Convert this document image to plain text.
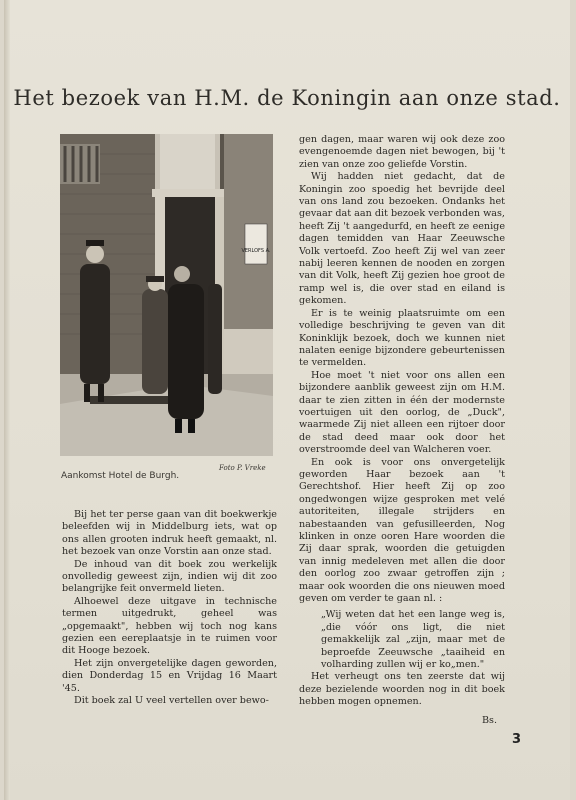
Het bezoek van H.M. de Koningin aan onze stad.
VERLOFS A.
Foto P. Vreke
Aankomst Hotel de Burgh.

Bij het ter perse gaan van dit boekwerkje beleefden wij in Middelburg iets, wat op ons allen grooten indruk heeft gemaakt, nl. het bezoek van onze Vorstin aan onze stad.

De inhoud van dit boek zou werkelijk onvolledig geweest zijn, indien wij dit zoo belangrijke feit onvermeld lieten.

Alhoewel deze uitgave in technische termen uitgedrukt, geheel was „opgemaakt", hebben wij toch nog kans gezien een eereplaatsje in te ruimen voor dit Hooge bezoek.

Het zijn onvergetelijke dagen geworden, dien Donderdag 15 en Vrijdag 16 Maart '45.

Dit boek zal U veel vertellen over bewo-

gen dagen, maar waren wij ook deze zoo evengenoemde dagen niet bewogen, bij 't zien van onze zoo geliefde Vorstin.

Wij hadden niet gedacht, dat de Koningin zoo spoedig het bevrijde deel van ons land zou bezoeken. Ondanks het gevaar dat aan dit bezoek verbonden was, heeft Zij 't aangedurfd, en heeft ze eenige dagen temidden van Haar Zeeuwsche Volk vertoefd. Zoo heeft Zij wel van zeer nabij leeren kennen de nooden en zorgen van dit Volk, heeft Zij gezien hoe groot de ramp wel is, die over stad en eiland is gekomen.

Er is te weinig plaatsruimte om een volledige beschrijving te geven van dit Koninklijk bezoek, doch we kunnen niet nalaten eenige bijzondere gebeurtenissen te vermelden.

Hoe moet 't niet voor ons allen een bijzondere aanblik geweest zijn om H.M. daar te zien zitten in één der modernste voertuigen uit den oorlog, de „Duck", waarmede Zij niet alleen een rijtoer door de stad deed maar ook door het overstroomde deel van Walcheren voer.

En ook is voor ons onvergetelijk geworden Haar bezoek aan 't Gerechtshof. Hier heeft Zij op zoo ongedwongen wijze gesproken met velé autoriteiten, illegale strijders en nabestaanden van gefusilleerden, Nog klinken in onze ooren Hare woorden die Zij daar sprak, woorden die getuigden van innig medeleven met allen die door den oorlog zoo zwaar getroffen zijn ; maar ook woorden die ons nieuwen moed geven om verder te gaan nl. :

„Wij weten dat het een lange weg is, „die vóór ons ligt, die niet gemakkelijk zal „zijn, maar met de beproefde Zeeuwsche „taaiheid en volharding zullen wij er ko„men."

Het verheugt ons ten zeerste dat wij deze bezielende woorden nog in dit boek hebben mogen opnemen.

Bs.

3
